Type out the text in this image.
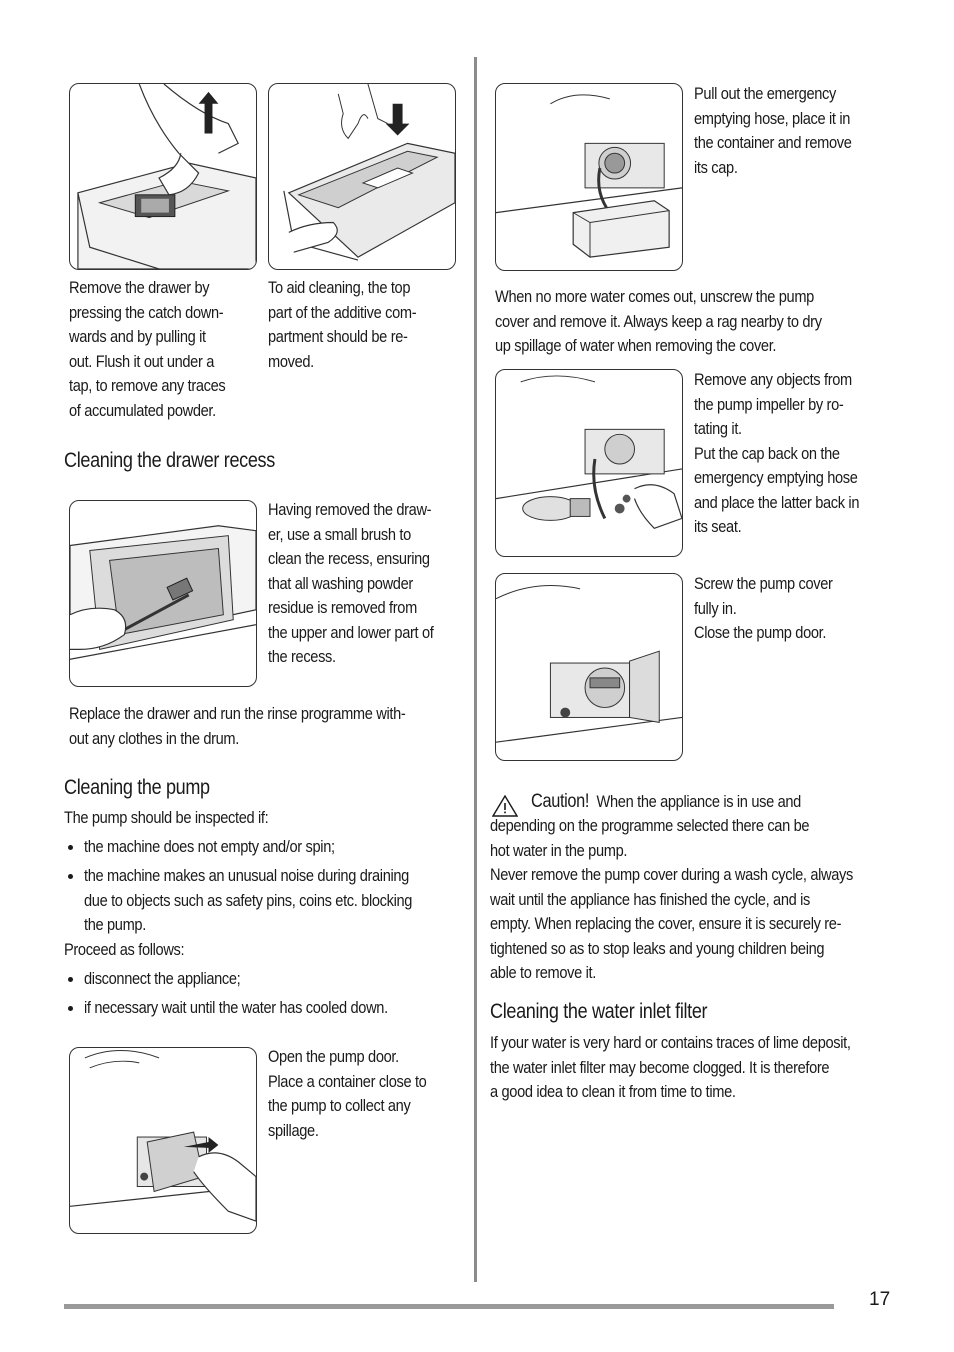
Remove the drawer by
pressing the catch down-
wards and by pulling it
out. Flush it out under a
tap, to remove any traces
of accumulated powder.
To aid cleaning, the top
part of the additive com-
partment should be re-
moved.
Cleaning the drawer recess
Having removed the draw-
er, use a small brush to
clean the recess, ensuring
that all washing powder
residue is removed from
the upper and lower part of
the recess.
Replace the drawer and run the rinse programme with-
out any clothes in the drum.
Cleaning the pump
The pump should be inspected if:
the machine does not empty and/or spin;
the machine makes an unusual noise during draining
due to objects such as safety pins, coins etc. blocking
the pump.
Proceed as follows:
disconnect the appliance;
if necessary wait until the water has cooled down.
Open the pump door.
Place a container close to
the pump to collect any
spillage.
Pull out the emergency
emptying hose, place it in
the container and remove
its cap.
When no more water comes out, unscrew the pump
cover and remove it. Always keep a rag nearby to dry
up spillage of water when removing the cover.
Remove any objects from
the pump impeller by ro-
tating it.
Put the cap back on the
emergency emptying hose
and place the latter back in
its seat.
Screw the pump cover
fully in.
Close the pump door.
Caution! When the appliance is in use and
depending on the programme selected there can be
hot water in the pump.
Never remove the pump cover during a wash cycle, always
wait until the appliance has finished the cycle, and is
empty. When replacing the cover, ensure it is securely re-
tightened so as to stop leaks and young children being
able to remove it.
Cleaning the water inlet filter
If your water is very hard or contains traces of lime deposit,
the water inlet filter may become clogged. It is therefore
a good idea to clean it from time to time.
17
